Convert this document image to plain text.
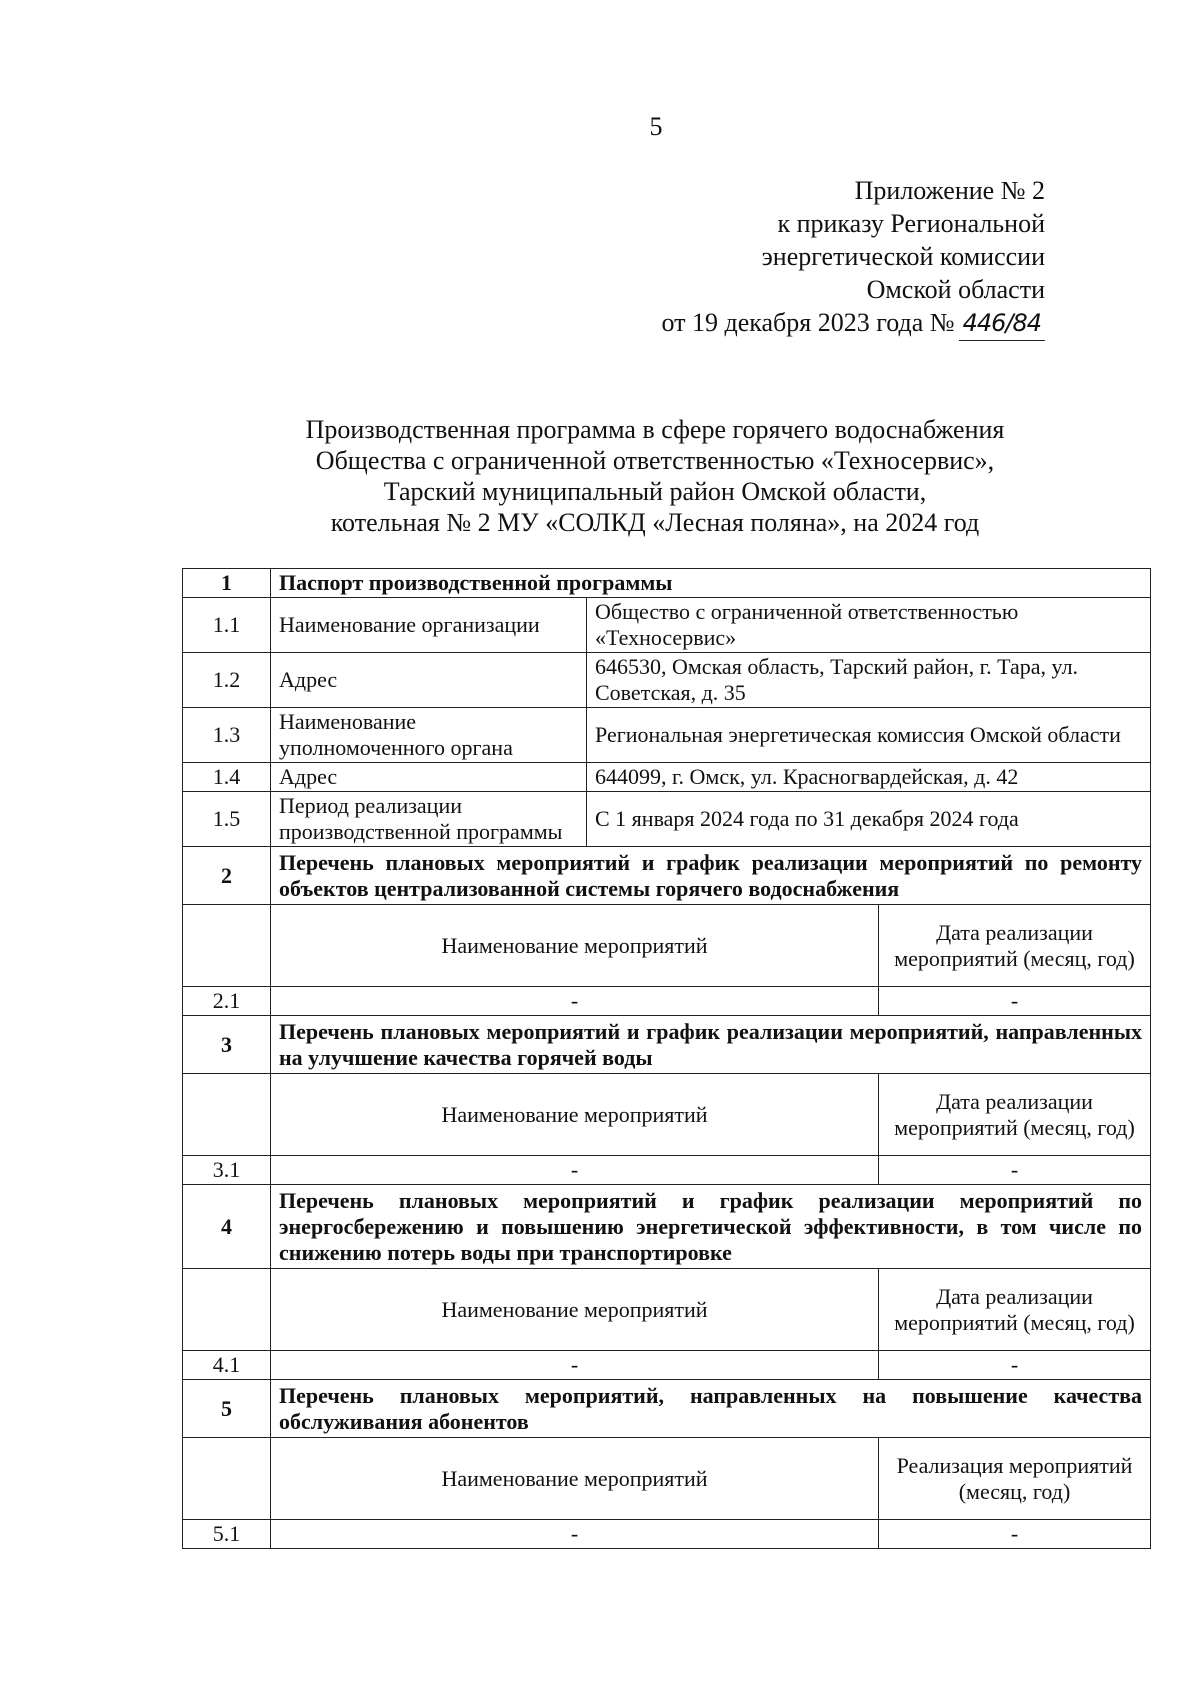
5
Приложение № 2
к приказу Региональной
энергетической комиссии
Омской области
от 19 декабря 2023 года № 446/84
Производственная программа в сфере горячего водоснабжения
Общества с ограниченной ответственностью «Техносервис»,
Тарский муниципальный район Омской области,
котельная № 2 МУ «СОЛКД «Лесная поляна», на 2024 год
1	Паспорт производственной программы		
1.1	Наименование организации	Общество с ограниченной ответственностью «Техносервис»	
1.2	Адрес	646530, Омская область, Тарский район, г. Тара, ул. Советская, д. 35	
1.3	Наименование уполномоченного органа	Региональная энергетическая комиссия Омской области	
1.4	Адрес	644099, г. Омск, ул. Красногвардейская, д. 42	
1.5	Период реализации производственной программы	С 1 января 2024 года по 31 декабря 2024 года	
2	Перечень плановых мероприятий и график реализации мероприятий по ремонту объектов централизованной системы горячего водоснабжения		
	Наименование мероприятий		Дата реализации мероприятий (месяц, год)
2.1	-		-
3	Перечень плановых мероприятий и график реализации мероприятий, направленных на улучшение качества горячей воды		
	Наименование мероприятий		Дата реализации мероприятий (месяц, год)
3.1	-		-
4	Перечень плановых мероприятий и график реализации мероприятий по энергосбережению и повышению энергетической эффективности, в том числе по снижению потерь воды при транспортировке		
	Наименование мероприятий		Дата реализации мероприятий (месяц, год)
4.1	-		-
5	Перечень плановых мероприятий, направленных на повышение качества обслуживания абонентов		
	Наименование мероприятий		Реализация мероприятий (месяц, год)
5.1	-		-
